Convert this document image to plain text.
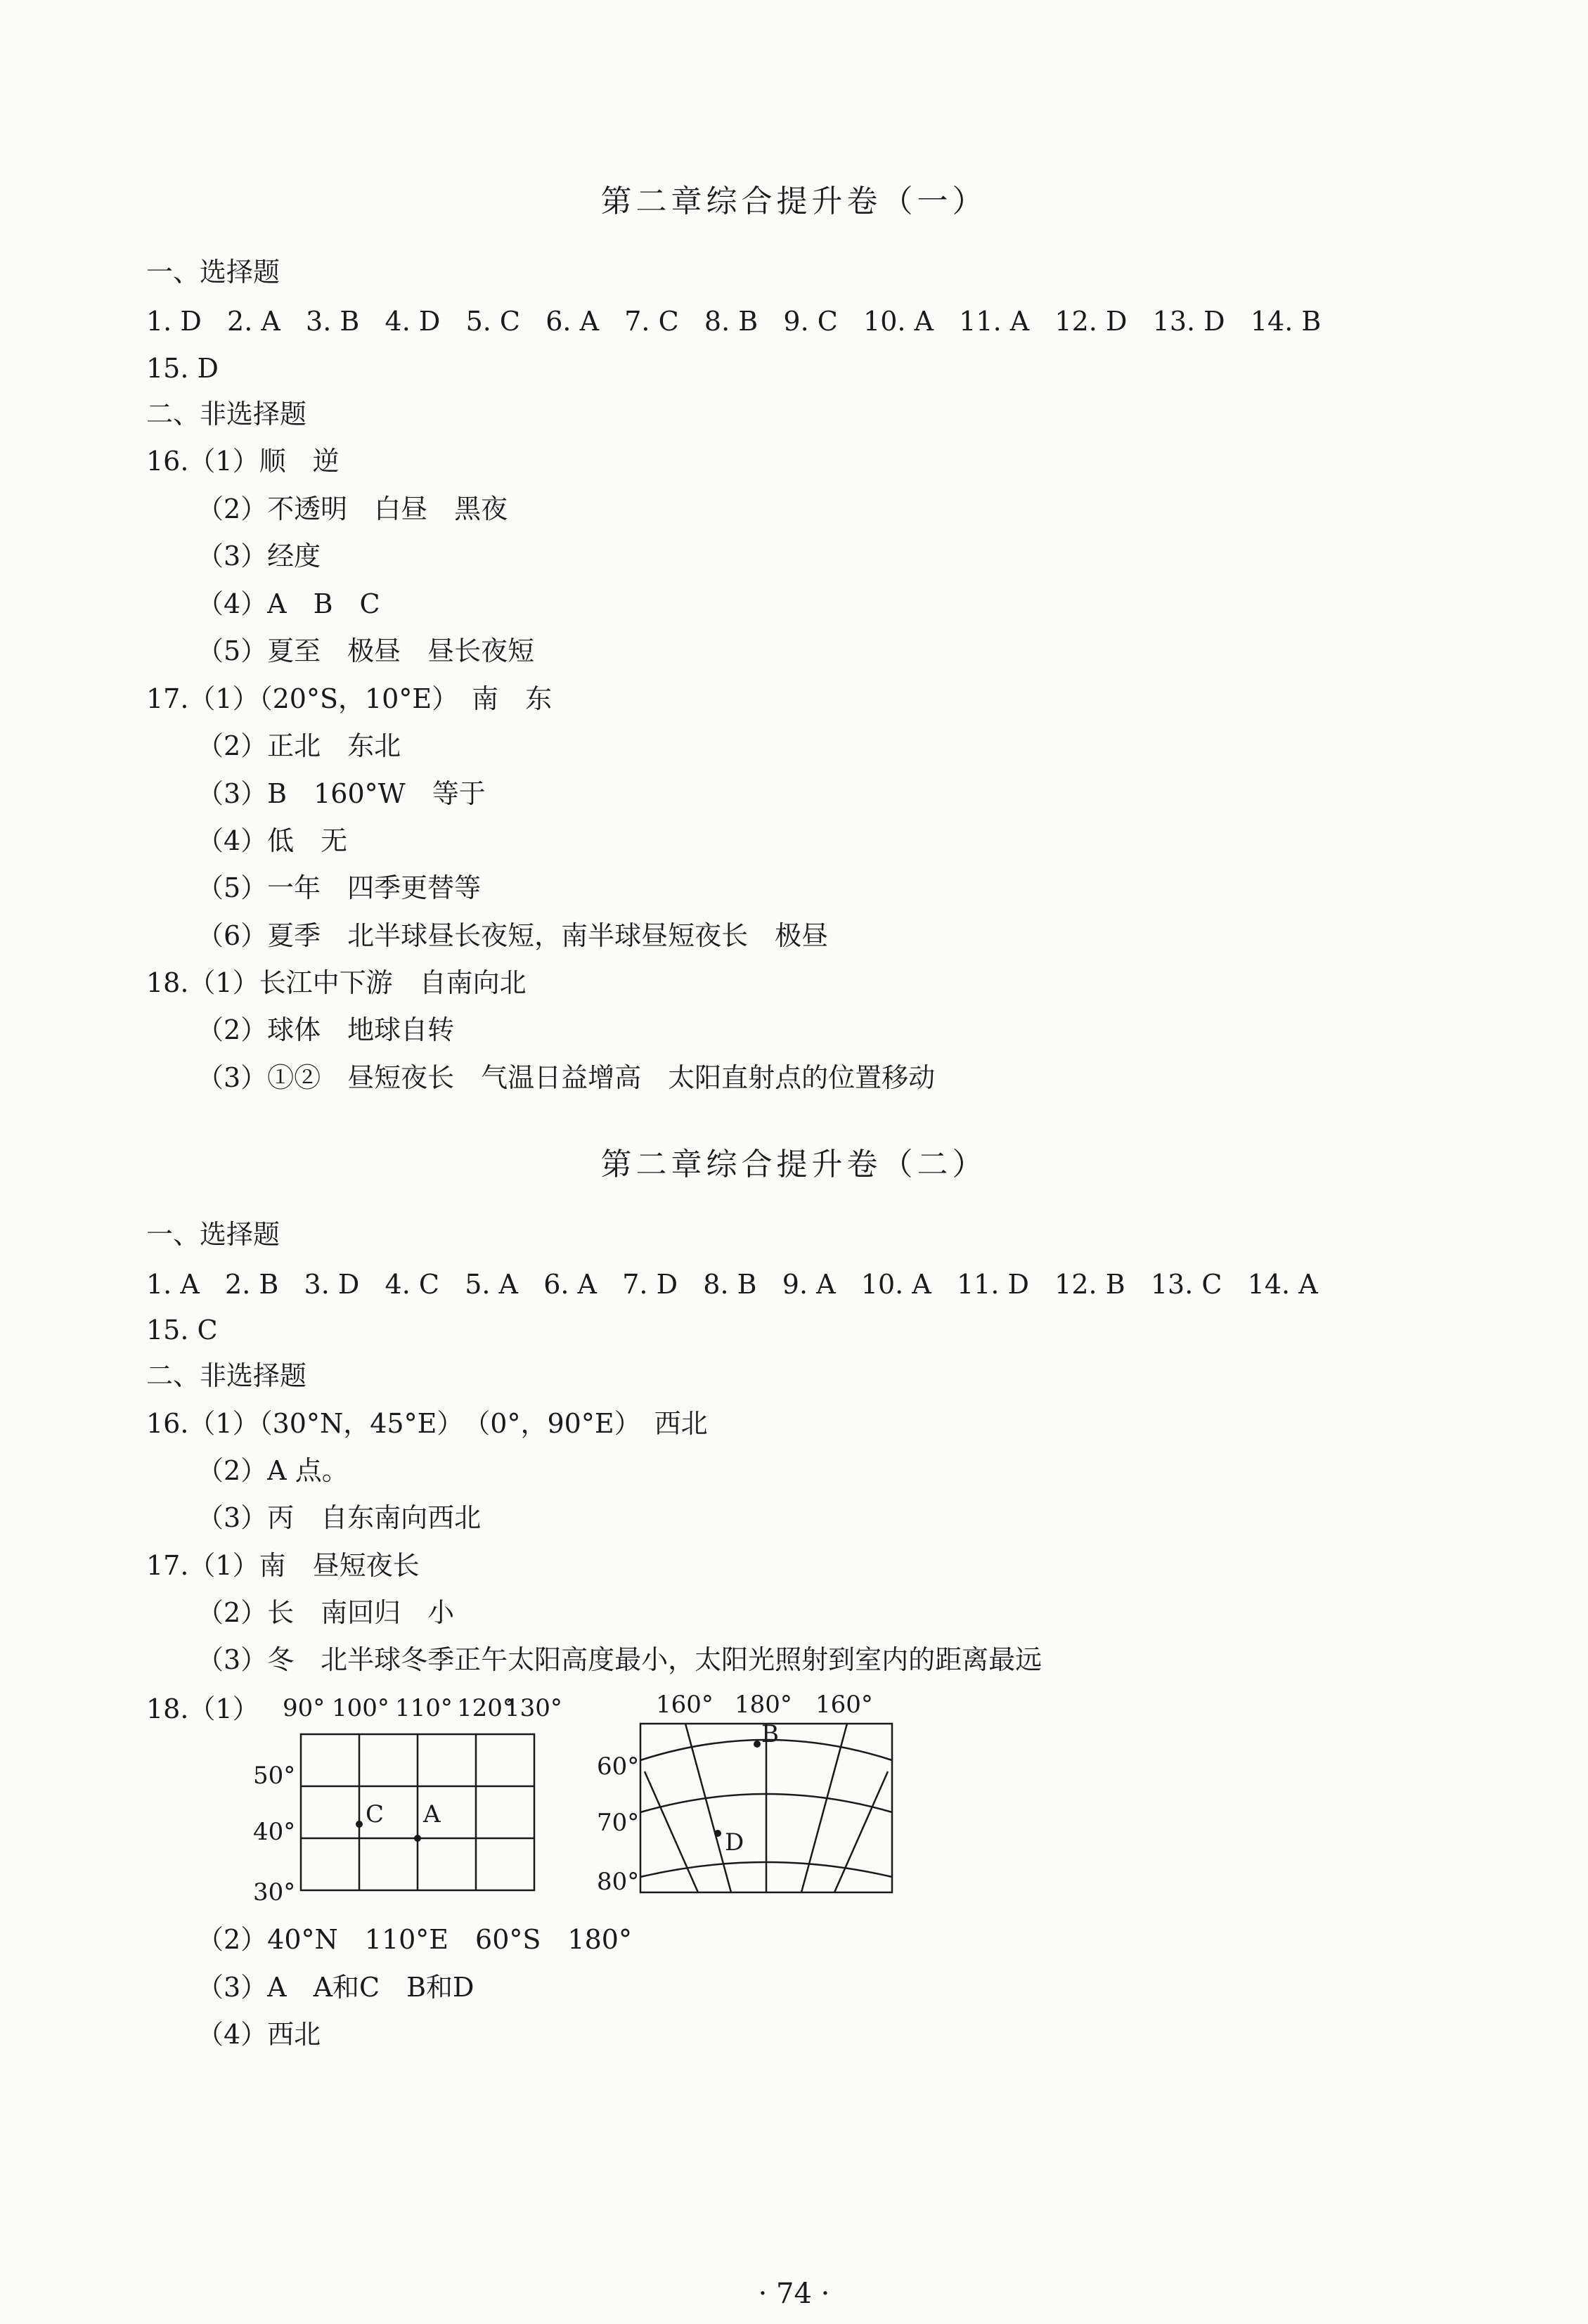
第二章综合提升卷（一）
一、选择题
1. D   2. A   3. B   4. D   5. C   6. A   7. C   8. B   9. C   10. A   11. A   12. D   13. D   14. B
15. D
二、非选择题
16.（1）顺　逆
（2）不透明　白昼　黑夜
（3）经度
（4）A　B　C
（5）夏至　极昼　昼长夜短
17.（1）（20°S，10°E）　南　东
（2）正北　东北
（3）B　160°W　等于
（4）低　无
（5）一年　四季更替等
（6）夏季　北半球昼长夜短，南半球昼短夜长　极昼
18.（1）长江中下游　自南向北
（2）球体　地球自转
（3）①②　昼短夜长　气温日益增高　太阳直射点的位置移动
第二章综合提升卷（二）
一、选择题
1. A   2. B   3. D   4. C   5. A   6. A   7. D   8. B   9. A   10. A   11. D   12. B   13. C   14. A
15. C
二、非选择题
16.（1）（30°N，45°E）　（0°，90°E）　西北
（2）A 点。
（3）丙　自东南向西北
17.（1）南　昼短夜长
（2）长　南回归　小
（3）冬　北半球冬季正午太阳高度最小，太阳光照射到室内的距离最远
18.（1） 90° 100° 110° 120°
130°
50°
40°
30°
C A
160° 180° 160°
60°
70°
80°
B
D
（2）40°N　110°E　60°S　180°
（3）A　A和C　B和D
（4）西北
· 74 ·
